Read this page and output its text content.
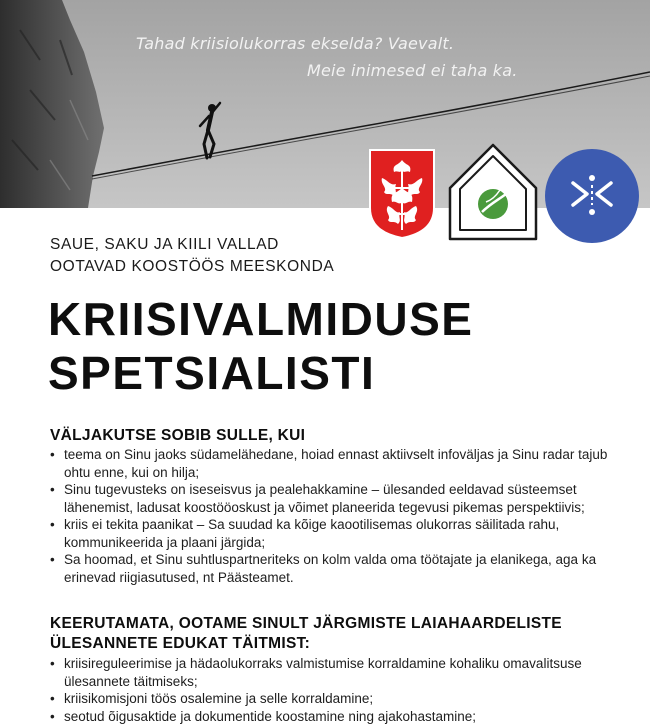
Tahad kriisiolukorras ekselda? Vaevalt.
Meie inimesed ei taha ka.
SAUE, SAKU JA KIILI VALLAD
OOTAVAD KOOSTÖÖS MEESKONDA
KRIISIVALMIDUSE
SPETSIALISTI
VÄLJAKUTSE SOBIB SULLE, KUI
• teema on Sinu jaoks südamelähedane, hoiad ennast aktiivselt infoväljas ja Sinu radar tajub ohtu enne, kui on hilja;
• Sinu tugevusteks on iseseisvus ja pealehakkamine – ülesanded eeldavad süsteemset lähenemist, ladusat koostööoskust ja võimet planeerida tegevusi pikemas perspektiivis;
• kriis ei tekita paanikat – Sa suudad ka kõige kaootilisemas olukorras säilitada rahu, kommunikeerida ja plaani järgida;
• Sa hoomad, et Sinu suhtluspartneriteks on kolm valda oma töötajate ja elanikega, aga ka erinevad riigiasutused, nt Päästeamet.
KEERUTAMATA, OOTAME SINULT JÄRGMISTE LAIAHAARDELISTE
ÜLESANNETE EDUKAT TÄITMIST:
• kriisireguleerimise ja hädaolukorraks valmistumise korraldamine kohaliku omavalitsuse ülesannete täitmiseks;
• kriisikomisjoni töös osalemine ja selle korraldamine;
• seotud õigusaktide ja dokumentide koostamine ning ajakohastamine;
